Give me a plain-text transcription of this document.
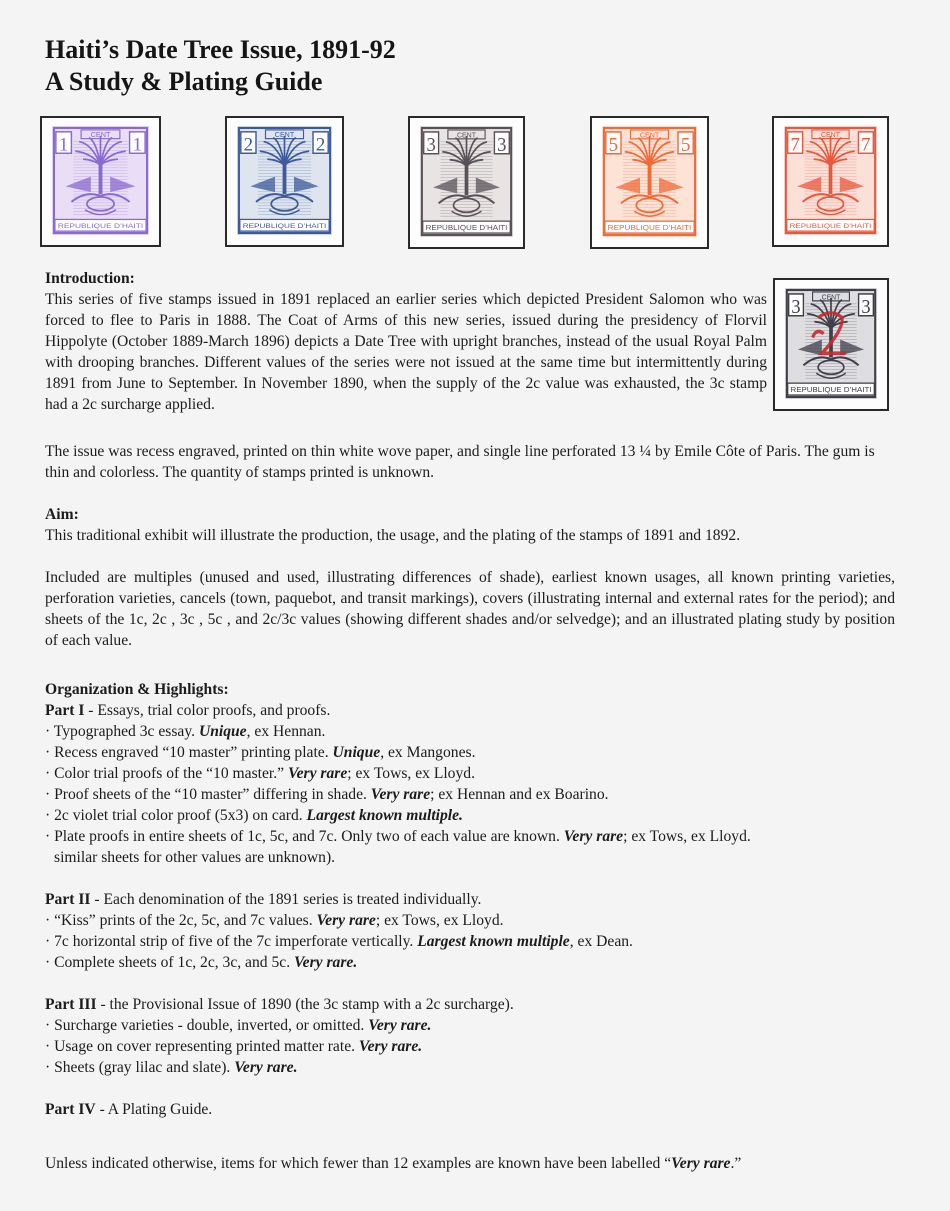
Haiti’s Date Tree Issue, 1891-92
A Study & Plating Guide
CENT
1	1
REPUBLIQUE D’HAITI
CENT
2	2
REPUBLIQUE D’HAITI
CENT
3	3
REPUBLIQUE D’HAITI
CENT
5	5
REPUBLIQUE D’HAITI
CENT
7	7
REPUBLIQUE D’HAITI
CENT
3	3
REPUBLIQUE D’HAITI
Introduction:

This series of five stamps issued in 1891 replaced an earlier series which depicted President Salomon who was forced to flee to Paris in 1888. The Coat of Arms of this new series, issued during the presidency of Florvil Hippolyte (October 1889-March 1896) depicts a Date Tree with upright branches, instead of the usual Royal Palm with drooping branches. Different values of the series were not issued at the same time but intermittently during 1891 from June to September. In November 1890, when the supply of the 2c value was exhausted, the 3c stamp had a 2c surcharge applied.

The issue was recess engraved, printed on thin white wove paper, and single line perforated 13 ¼ by Emile Côte of Paris. The gum is thin and colorless. The quantity of stamps printed is unknown.

Aim:

This traditional exhibit will illustrate the production, the usage, and the plating of the stamps of 1891 and 1892.

Included are multiples (unused and used, illustrating differences of shade), earliest known usages, all known printing varieties, perforation varieties, cancels (town, paquebot, and transit markings), covers (illustrating internal and external rates for the period); and sheets of the 1c, 2c , 3c , 5c , and 2c/3c values (showing different shades and/or selvedge); and an illustrated plating study by position of each value.

Organization & Highlights:
Part I - Essays, trial color proofs, and proofs.
· Typographed 3c essay. Unique, ex Hennan.
· Recess engraved “10 master” printing plate. Unique, ex Mangones.
· Color trial proofs of the “10 master.” Very rare; ex Tows, ex Lloyd.
· Proof sheets of the “10 master” differing in shade. Very rare; ex Hennan and ex Boarino.
· 2c violet trial color proof (5x3) on card. Largest known multiple.
· Plate proofs in entire sheets of 1c, 5c, and 7c. Only two of each value are known. Very rare; ex Tows, ex Lloyd.
similar sheets for other values are unknown).
Part II - Each denomination of the 1891 series is treated individually.
· “Kiss” prints of the 2c, 5c, and 7c values. Very rare; ex Tows, ex Lloyd.
· 7c horizontal strip of five of the 7c imperforate vertically. Largest known multiple, ex Dean.
· Complete sheets of 1c, 2c, 3c, and 5c. Very rare.
Part III - the Provisional Issue of 1890 (the 3c stamp with a 2c surcharge).
· Surcharge varieties - double, inverted, or omitted. Very rare.
· Usage on cover representing printed matter rate. Very rare.
· Sheets (gray lilac and slate). Very rare.
Part IV - A Plating Guide.
Unless indicated otherwise, items for which fewer than 12 examples are known have been labelled “Very rare.”
